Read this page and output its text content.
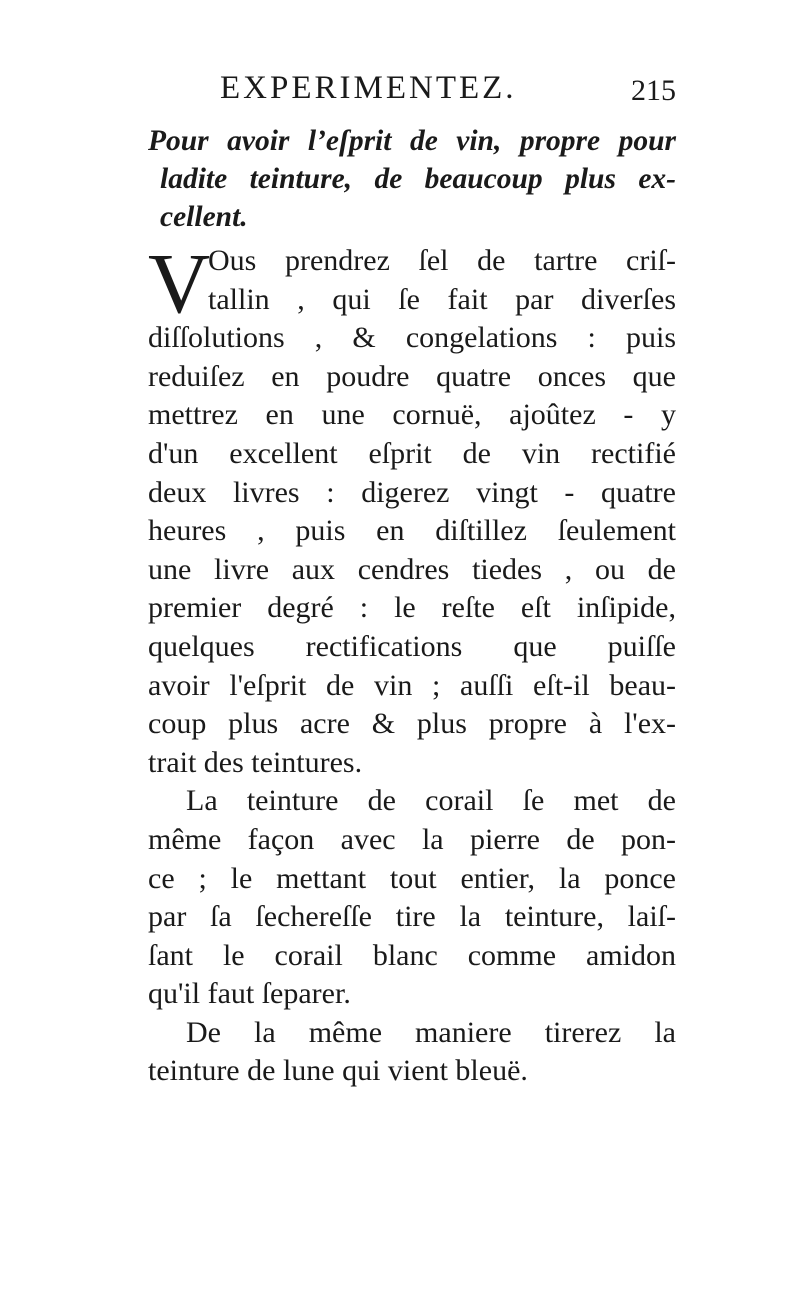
EXPERIMENTEZ.	215
Pour avoir l’eſprit de vin, propre pour
ladite teinture, de beaucoup plus ex-
cellent.
V
Ous prendrez ſel de tartre criſ-
tallin , qui ſe fait par diverſes
diſſolutions , & congelations : puis
reduiſez en poudre quatre onces que
mettrez en une cornuë, ajoûtez - y
d'un excellent eſprit de vin rectifié
deux livres : digerez vingt - quatre
heures , puis en diſtillez ſeulement
une livre aux cendres tiedes , ou de
premier degré : le reſte eſt inſipide,
quelques rectifications que puiſſe
avoir l'eſprit de vin ; auſſi eſt-il beau-
coup plus acre & plus propre à l'ex-
trait des teintures.
La teinture de corail ſe met de
même façon avec la pierre de pon-
ce ; le mettant tout entier, la ponce
par ſa ſechereſſe tire la teinture, laiſ-
ſant le corail blanc comme amidon
qu'il faut ſeparer.
De la même maniere tirerez la
teinture de lune qui vient bleuë.
